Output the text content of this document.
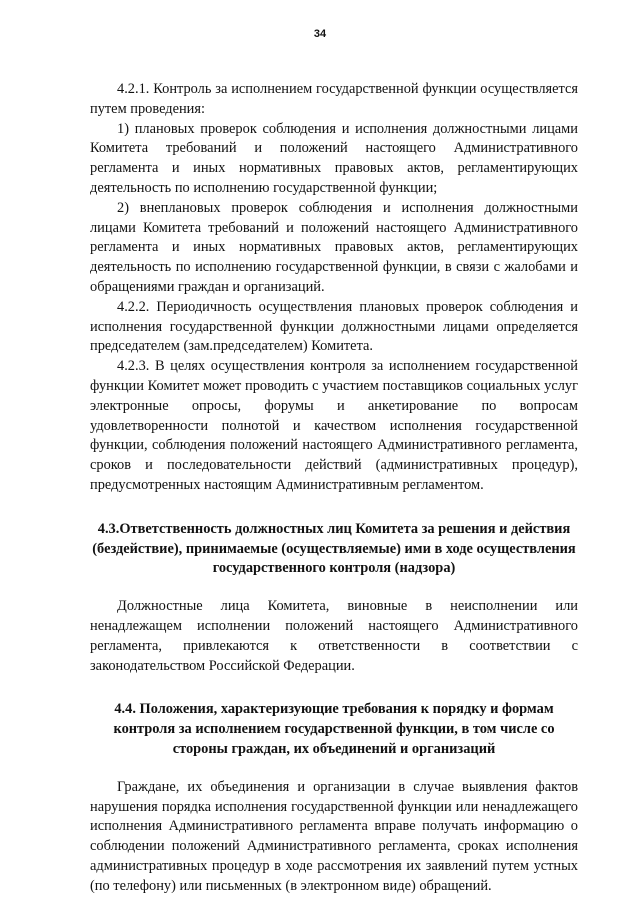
34

4.2.1. Контроль за исполнением государственной функции осуществляется путем проведения:

1) плановых проверок соблюдения и исполнения должностными лицами Комитета требований и положений настоящего Административного регламента и иных нормативных правовых актов, регламентирующих деятельность по исполнению государственной функции;

2) внеплановых проверок соблюдения и исполнения должностными лицами Комитета требований и положений настоящего Административного регламента и иных нормативных правовых актов, регламентирующих деятельность по исполнению государственной функции, в связи с жалобами и обращениями граждан и организаций.

4.2.2. Периодичность осуществления плановых проверок соблюдения и исполнения государственной функции должностными лицами определяется председателем (зам.председателем) Комитета.

4.2.3. В целях осуществления контроля за исполнением государственной функции Комитет может проводить с участием поставщиков социальных услуг электронные опросы, форумы и анкетирование по вопросам удовлетворенности полнотой и качеством исполнения государственной функции, соблюдения положений настоящего Административного регламента, сроков и последовательности действий (административных процедур), предусмотренных настоящим Административным регламентом.

4.3.Ответственность должностных лиц Комитета за решения и действия (бездействие), принимаемые (осуществляемые) ими в ходе осуществления государственного контроля (надзора)

Должностные лица Комитета, виновные в неисполнении или ненадлежащем исполнении положений настоящего Административного регламента, привлекаются к ответственности в соответствии с законодательством Российской Федерации.

4.4. Положения, характеризующие требования к порядку и формам контроля за исполнением государственной функции, в том числе со стороны граждан, их объединений и организаций

Граждане, их объединения и организации в случае выявления фактов нарушения порядка исполнения государственной функции или ненадлежащего исполнения Административного регламента вправе получать информацию о соблюдении положений Административного регламента, сроках исполнения административных процедур в ходе рассмотрения их заявлений путем устных (по телефону) или письменных (в электронном виде) обращений.
